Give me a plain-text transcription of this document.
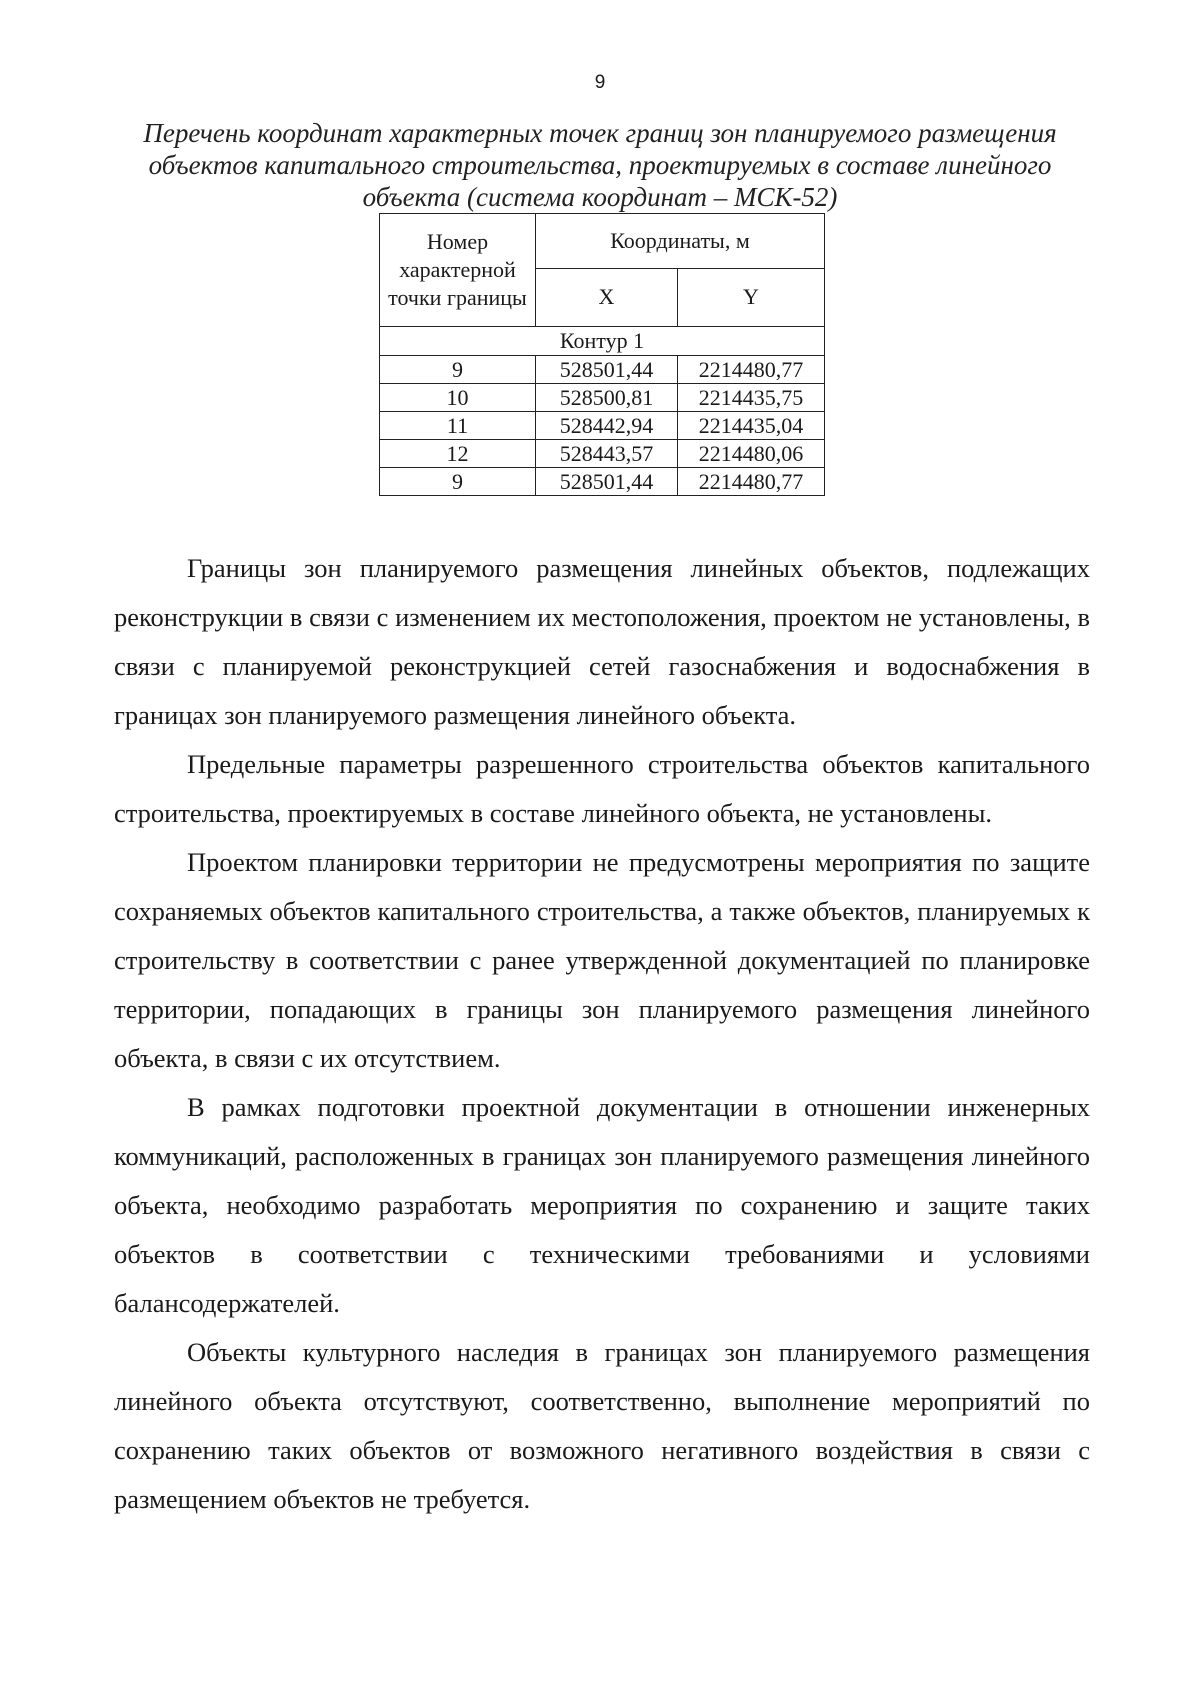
9
Перечень координат характерных точек границ зон планируемого размещения объектов капитального строительства, проектируемых в составе линейного объекта (система координат – МСК-52)
Номер характерной точки границы	Координаты, м	
	X	Y
Контур 1		
9	528501,44	2214480,77
10	528500,81	2214435,75
11	528442,94	2214435,04
12	528443,57	2214480,06
9	528501,44	2214480,77

Границы зон планируемого размещения линейных объектов, подлежащих реконструкции в связи с изменением их местоположения, проектом не установлены, в связи с планируемой реконструкцией сетей газоснабжения и водоснабжения в границах зон планируемого размещения линейного объекта.

Предельные параметры разрешенного строительства объектов капитального строительства, проектируемых в составе линейного объекта, не установлены.

Проектом планировки территории не предусмотрены мероприятия по защите сохраняемых объектов капитального строительства, а также объектов, планируемых к строительству в соответствии с ранее утвержденной документацией по планировке территории, попадающих в границы зон планируемого размещения линейного объекта, в связи с их отсутствием.

В рамках подготовки проектной документации в отношении инженерных коммуникаций, расположенных в границах зон планируемого размещения линейного объекта, необходимо разработать мероприятия по сохранению и защите таких объектов в соответствии с техническими требованиями и условиями балансодержателей.

Объекты культурного наследия в границах зон планируемого размещения линейного объекта отсутствуют, соответственно, выполнение мероприятий по сохранению таких объектов от возможного негативного воздействия в связи с размещением объектов не требуется.
